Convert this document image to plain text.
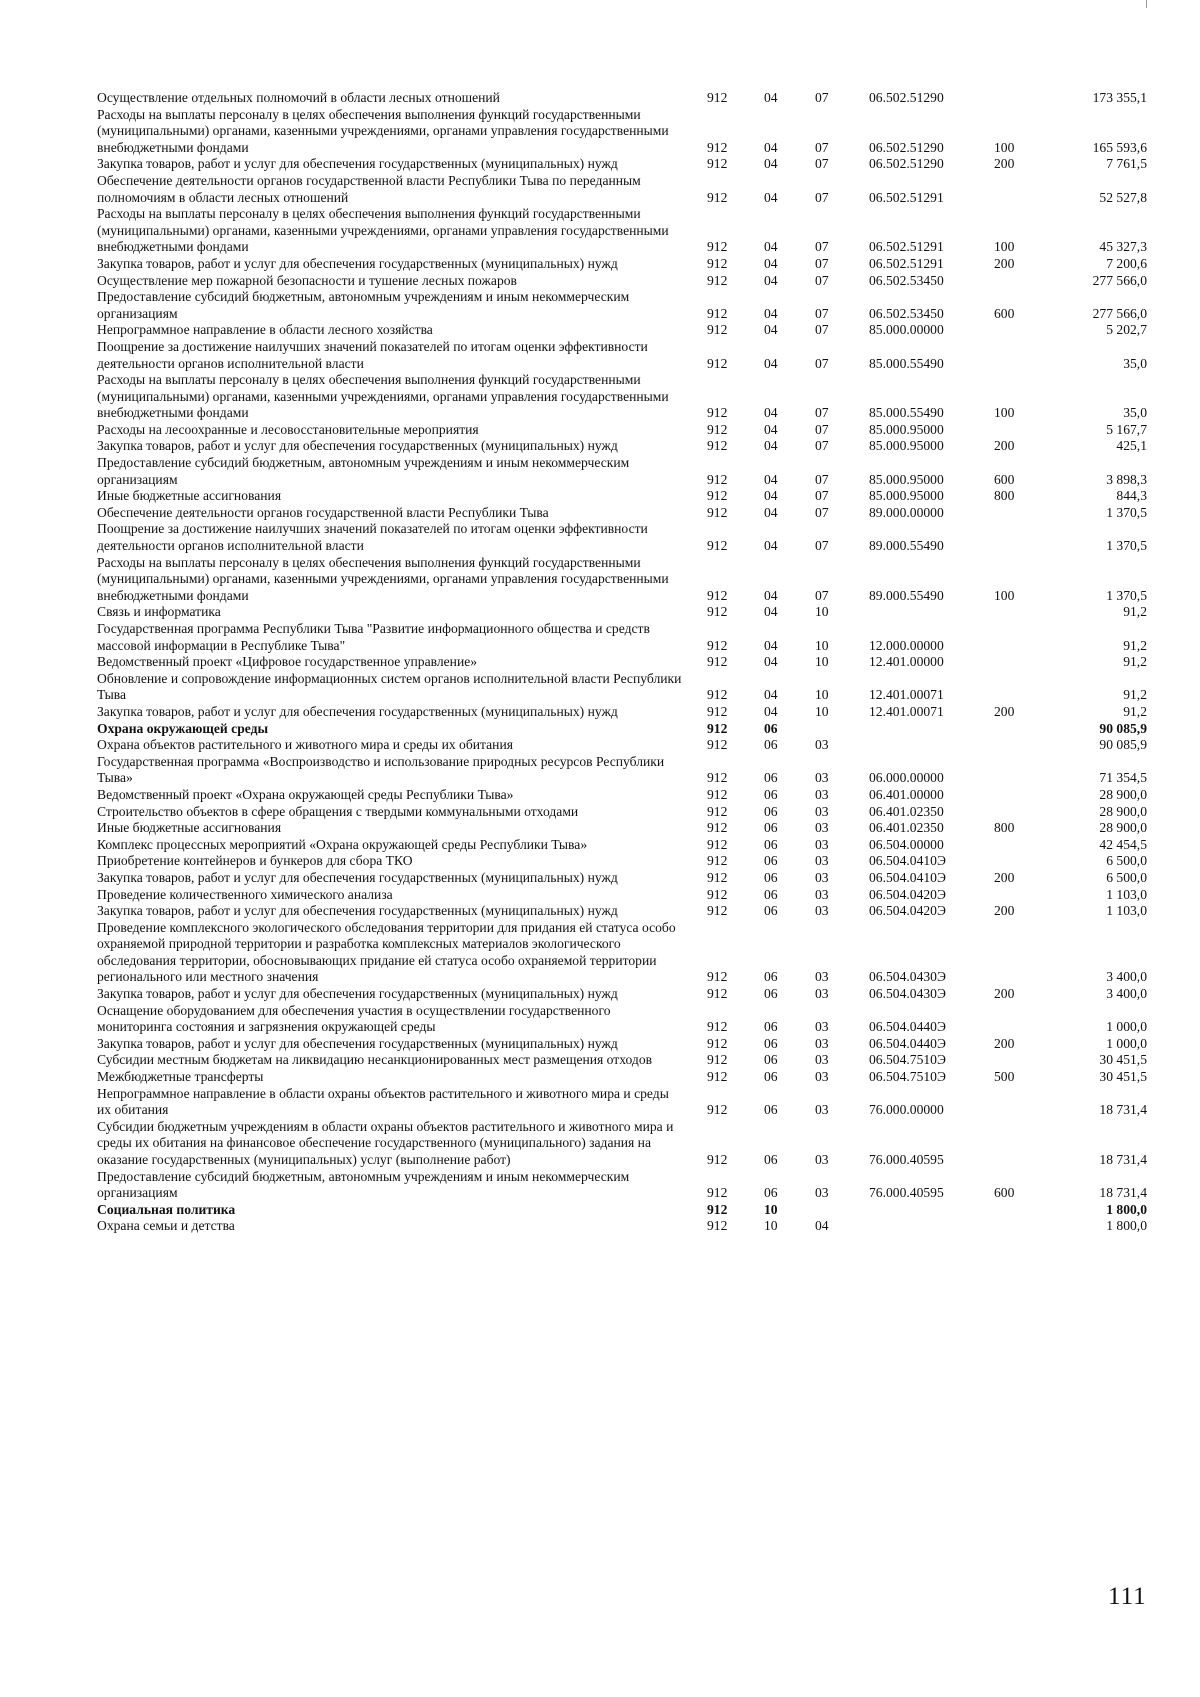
Осуществление отдельных полномочий в области лесных отношений	912	04	07	06.502.51290	173 355,1
Расходы на выплаты персоналу в целях обеспечения выполнения функций государственными (муниципальными) органами, казенными учреждениями, органами управления государственными внебюджетными фондами	912	04	07	06.502.51290	100	165 593,6
Закупка товаров, работ и услуг для обеспечения государственных (муниципальных) нужд	912	04	07	06.502.51290	200	7 761,5
Обеспечение деятельности органов государственной власти Республики Тыва по переданным полномочиям в области лесных отношений	912	04	07	06.502.51291	52 527,8
Расходы на выплаты персоналу в целях обеспечения выполнения функций государственными (муниципальными) органами, казенными учреждениями, органами управления государственными внебюджетными фондами	912	04	07	06.502.51291	100	45 327,3
Закупка товаров, работ и услуг для обеспечения государственных (муниципальных) нужд	912	04	07	06.502.51291	200	7 200,6
Осуществление мер пожарной безопасности и тушение лесных пожаров	912	04	07	06.502.53450	277 566,0
Предоставление субсидий бюджетным, автономным учреждениям и иным некоммерческим организациям	912	04	07	06.502.53450	600	277 566,0
Непрограммное направление в области лесного хозяйства	912	04	07	85.000.00000	5 202,7
Поощрение за достижение наилучших значений показателей по итогам оценки эффективности деятельности органов исполнительной власти	912	04	07	85.000.55490	35,0
Расходы на выплаты персоналу в целях обеспечения выполнения функций государственными (муниципальными) органами, казенными учреждениями, органами управления государственными внебюджетными фондами	912	04	07	85.000.55490	100	35,0
Расходы на лесоохранные и лесовосстановительные мероприятия	912	04	07	85.000.95000	5 167,7
Закупка товаров, работ и услуг для обеспечения государственных (муниципальных) нужд	912	04	07	85.000.95000	200	425,1
Предоставление субсидий бюджетным, автономным учреждениям и иным некоммерческим организациям	912	04	07	85.000.95000	600	3 898,3
Иные бюджетные ассигнования	912	04	07	85.000.95000	800	844,3
Обеспечение деятельности органов государственной власти Республики Тыва	912	04	07	89.000.00000	1 370,5
Поощрение за достижение наилучших значений показателей по итогам оценки эффективности деятельности органов исполнительной власти	912	04	07	89.000.55490	1 370,5
Расходы на выплаты персоналу в целях обеспечения выполнения функций государственными (муниципальными) органами, казенными учреждениями, органами управления государственными внебюджетными фондами	912	04	07	89.000.55490	100	1 370,5
Связь и информатика	912	04	10	91,2
Государственная программа Республики Тыва "Развитие информационного общества и средств массовой информации в Республике Тыва"	912	04	10	12.000.00000	91,2
Ведомственный проект «Цифровое государственное управление»	912	04	10	12.401.00000	91,2
Обновление и сопровождение информационных систем органов исполнительной власти Республики Тыва	912	04	10	12.401.00071	91,2
Закупка товаров, работ и услуг для обеспечения государственных (муниципальных) нужд	912	04	10	12.401.00071	200	91,2
Охрана окружающей среды	912	06	90 085,9
Охрана объектов растительного и животного мира и среды их обитания	912	06	03	90 085,9
Государственная программа «Воспроизводство и использование природных ресурсов Республики Тыва»	912	06	03	06.000.00000	71 354,5
Ведомственный проект «Охрана окружающей среды Республики Тыва»	912	06	03	06.401.00000	28 900,0
Строительство объектов в сфере обращения с твердыми коммунальными отходами	912	06	03	06.401.02350	28 900,0
Иные бюджетные ассигнования	912	06	03	06.401.02350	800	28 900,0
Комплекс процессных мероприятий «Охрана окружающей среды Республики Тыва»	912	06	03	06.504.00000	42 454,5
Приобретение контейнеров и бункеров для сбора ТКО	912	06	03	06.504.0410Э	6 500,0
Закупка товаров, работ и услуг для обеспечения государственных (муниципальных) нужд	912	06	03	06.504.0410Э	200	6 500,0
Проведение количественного химического анализа	912	06	03	06.504.0420Э	1 103,0
Закупка товаров, работ и услуг для обеспечения государственных (муниципальных) нужд	912	06	03	06.504.0420Э	200	1 103,0
Проведение комплексного экологического обследования территории для придания ей статуса особо охраняемой природной территории и разработка комплексных материалов экологического обследования территории, обосновывающих придание ей статуса особо охраняемой территории регионального или местного значения	912	06	03	06.504.0430Э	3 400,0
Закупка товаров, работ и услуг для обеспечения государственных (муниципальных) нужд	912	06	03	06.504.0430Э	200	3 400,0
Оснащение оборудованием для обеспечения участия в осуществлении государственного мониторинга состояния и загрязнения окружающей среды	912	06	03	06.504.0440Э	1 000,0
Закупка товаров, работ и услуг для обеспечения государственных (муниципальных) нужд	912	06	03	06.504.0440Э	200	1 000,0
Субсидии местным бюджетам на ликвидацию несанкционированных мест размещения отходов	912	06	03	06.504.7510Э	30 451,5
Межбюджетные трансферты	912	06	03	06.504.7510Э	500	30 451,5
Непрограммное направление в области охраны объектов растительного и животного мира и среды их обитания	912	06	03	76.000.00000	18 731,4
Субсидии бюджетным учреждениям в области охраны объектов растительного и животного мира и среды их обитания на финансовое обеспечение государственного (муниципального) задания на оказание государственных (муниципальных) услуг (выполнение работ)	912	06	03	76.000.40595	18 731,4
Предоставление субсидий бюджетным, автономным учреждениям и иным некоммерческим организациям	912	06	03	76.000.40595	600	18 731,4
Социальная политика	912	10	1 800,0
Охрана семьи и детства	912	10	04	1 800,0
111
